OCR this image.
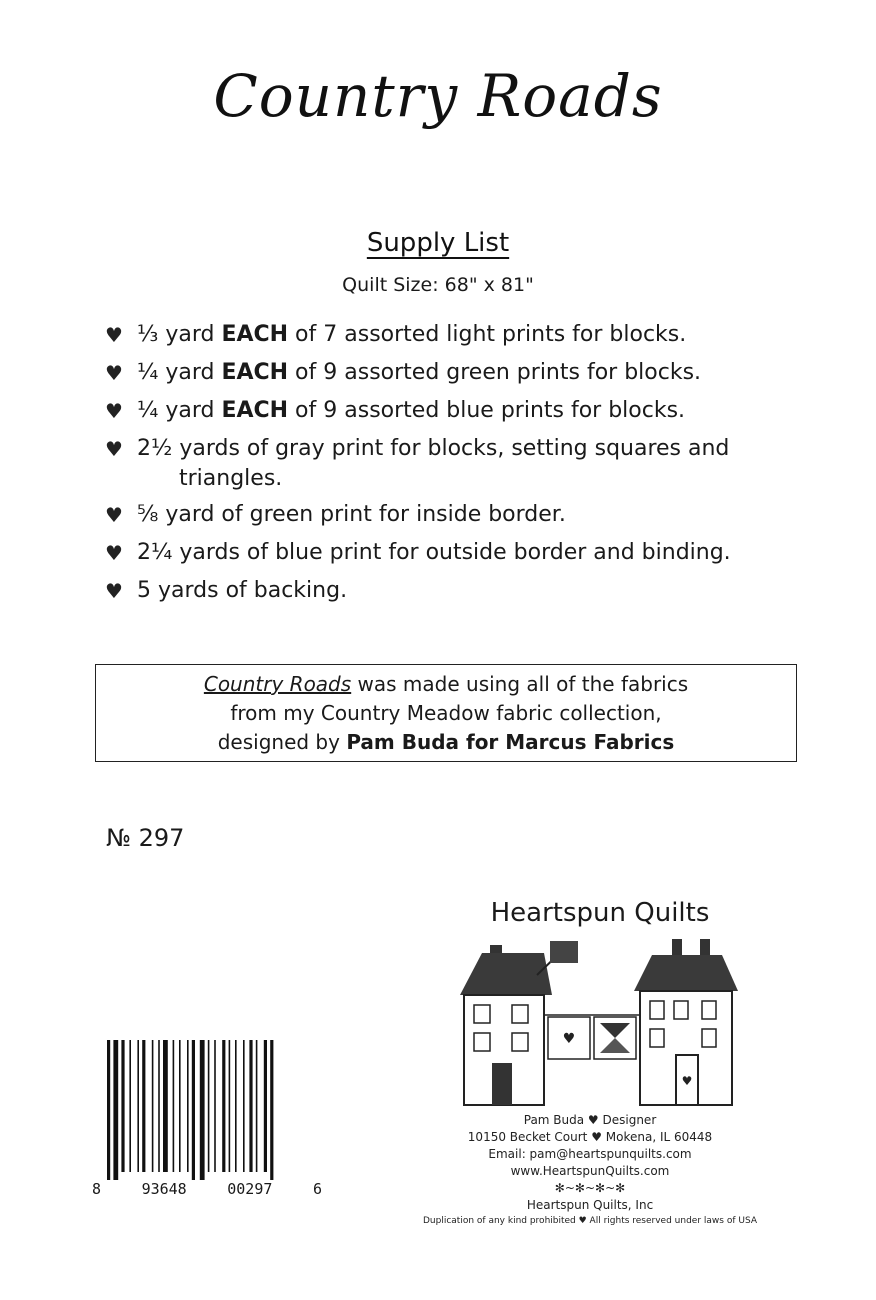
Country Roads
Supply List
Quilt Size: 68" x 81"
♥ ⅓ yard EACH of 7 assorted light prints for blocks.
♥ ¼ yard EACH of 9 assorted green prints for blocks.
♥ ¼ yard EACH of 9 assorted blue prints for blocks.
♥ 2½ yards of gray print for blocks, setting squares and
triangles.
♥ ⅝ yard of green print for inside border.
♥ 2¼ yards of blue print for outside border and binding.
♥ 5 yards of backing.
Country Roads was made using all of the fabrics
from my Country Meadow fabric collection,
designed by Pam Buda for Marcus Fabrics
№ 297
Heartspun Quilts
♥
♥
Pam Buda ♥ Designer
10150 Becket Court ♥ Mokena, IL 60448
Email: pam@heartspunquilts.com
www.HeartspunQuilts.com
✻~✻~✻~✻
Heartspun Quilts, Inc
Duplication of any kind prohibited ♥ All rights reserved under laws of USA
8	93648	00297	6
